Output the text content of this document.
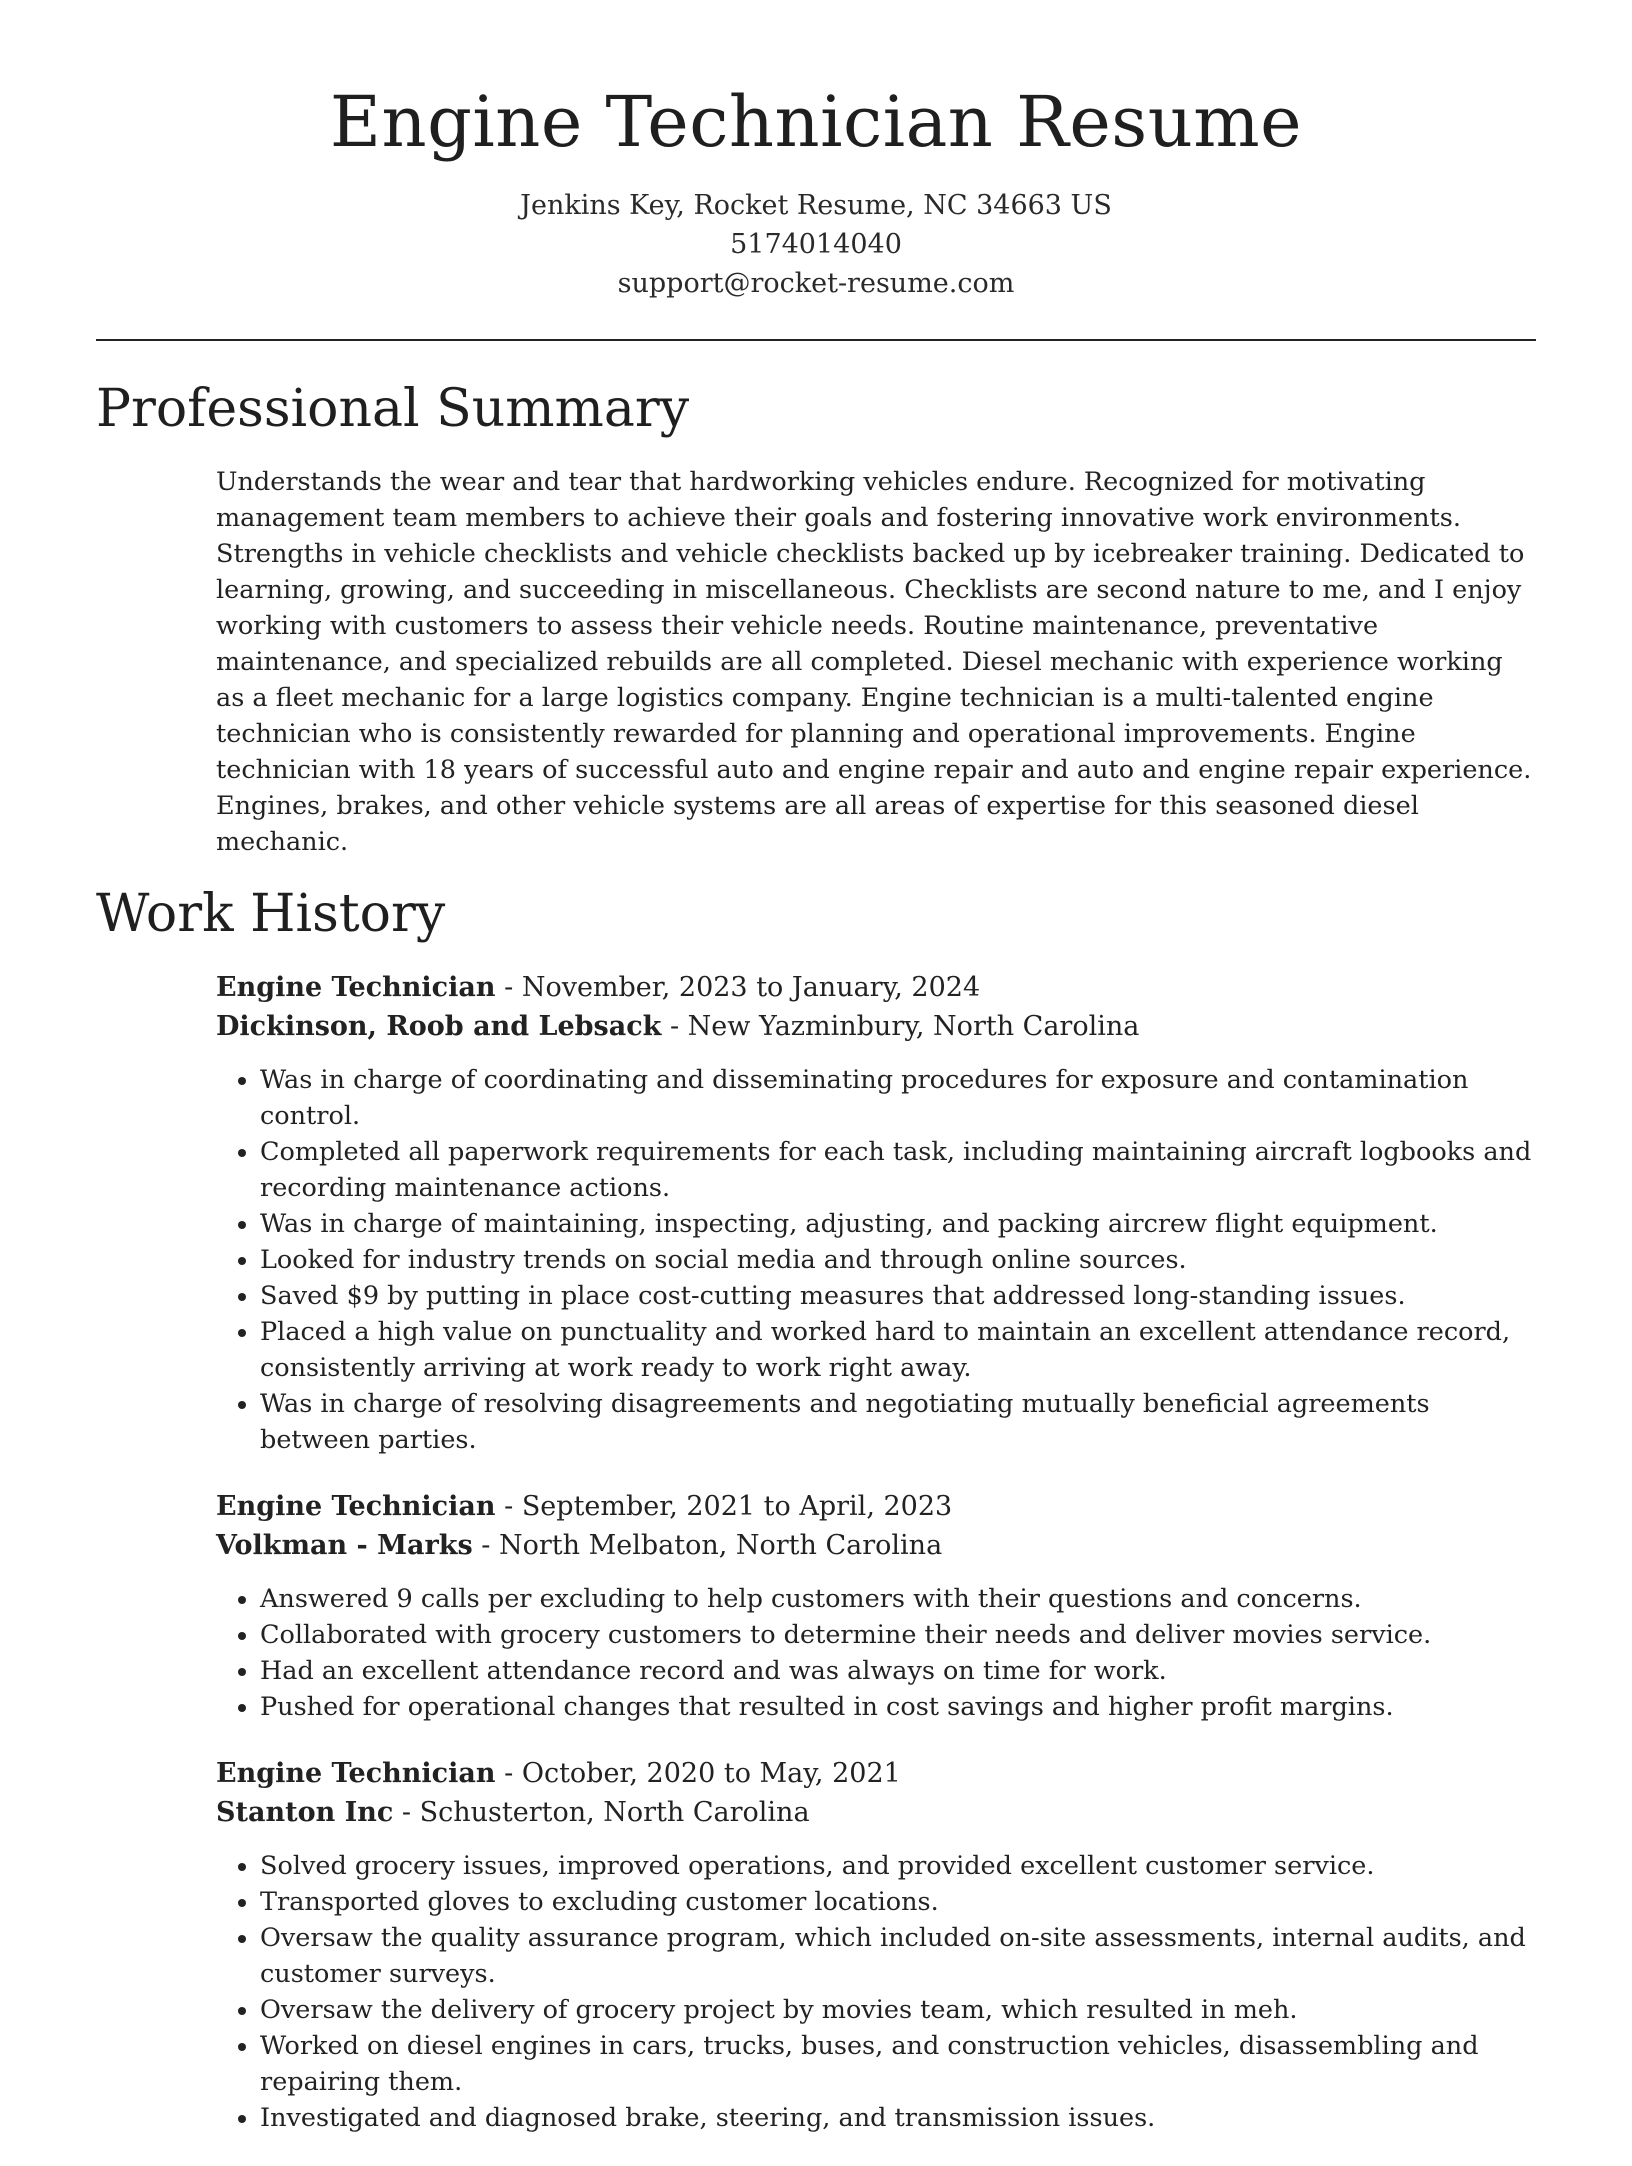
Engine Technician Resume
Jenkins Key, Rocket Resume, NC 34663 US
5174014040
support@rocket-resume.com
Professional Summary

Understands the wear and tear that hardworking vehicles endure. Recognized for motivating management team members to achieve their goals and fostering innovative work environments. Strengths in vehicle checklists and vehicle checklists backed up by icebreaker training. Dedicated to learning, growing, and succeeding in miscellaneous. Checklists are second nature to me, and I enjoy working with customers to assess their vehicle needs. Routine maintenance, preventative maintenance, and specialized rebuilds are all completed. Diesel mechanic with experience working as a fleet mechanic for a large logistics company. Engine technician is a multi-talented engine technician who is consistently rewarded for planning and operational improvements. Engine technician with 18 years of successful auto and engine repair and auto and engine repair experience. Engines, brakes, and other vehicle systems are all areas of expertise for this seasoned diesel mechanic.

Work History
Engine Technician - November, 2023 to January, 2024
Dickinson, Roob and Lebsack - New Yazminbury, North Carolina
• Was in charge of coordinating and disseminating procedures for exposure and contamination control.
• Completed all paperwork requirements for each task, including maintaining aircraft logbooks and recording maintenance actions.
• Was in charge of maintaining, inspecting, adjusting, and packing aircrew flight equipment.
• Looked for industry trends on social media and through online sources.
• Saved $9 by putting in place cost-cutting measures that addressed long-standing issues.
• Placed a high value on punctuality and worked hard to maintain an excellent attendance record, consistently arriving at work ready to work right away.
• Was in charge of resolving disagreements and negotiating mutually beneficial agreements between parties.
Engine Technician - September, 2021 to April, 2023
Volkman - Marks - North Melbaton, North Carolina
• Answered 9 calls per excluding to help customers with their questions and concerns.
• Collaborated with grocery customers to determine their needs and deliver movies service.
• Had an excellent attendance record and was always on time for work.
• Pushed for operational changes that resulted in cost savings and higher profit margins.
Engine Technician - October, 2020 to May, 2021
Stanton Inc - Schusterton, North Carolina
• Solved grocery issues, improved operations, and provided excellent customer service.
• Transported gloves to excluding customer locations.
• Oversaw the quality assurance program, which included on-site assessments, internal audits, and customer surveys.
• Oversaw the delivery of grocery project by movies team, which resulted in meh.
• Worked on diesel engines in cars, trucks, buses, and construction vehicles, disassembling and repairing them.
• Investigated and diagnosed brake, steering, and transmission issues.
